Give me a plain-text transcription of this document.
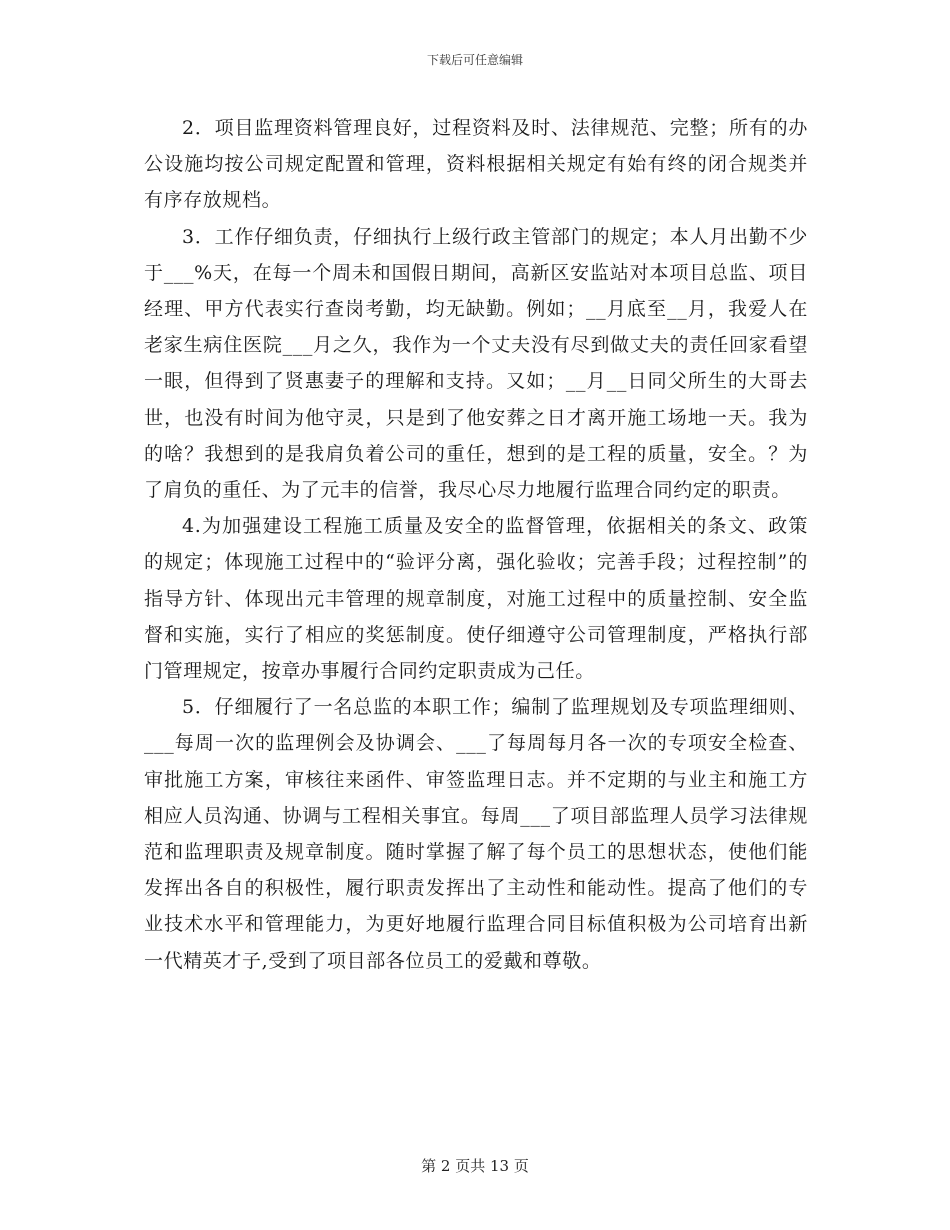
下载后可任意编辑

2．项目监理资料管理良好，过程资料及时、法律规范、完整；所有的办公设施均按公司规定配置和管理，资料根据相关规定有始有终的闭合规类并有序存放规档。

3．工作仔细负责，仔细执行上级行政主管部门的规定；本人月出勤不少于___%天，在每一个周未和国假日期间，高新区安监站对本项目总监、项目经理、甲方代表实行查岗考勤，均无缺勤。例如；__月底至__月，我爱人在老家生病住医院___月之久，我作为一个丈夫没有尽到做丈夫的责任回家看望一眼，但得到了贤惠妻子的理解和支持。又如；__月__日同父所生的大哥去世，也没有时间为他守灵，只是到了他安葬之日才离开施工场地一天。我为的啥？我想到的是我肩负着公司的重任，想到的是工程的质量，安全。？为了肩负的重任、为了元丰的信誉，我尽心尽力地履行监理合同约定的职责。

4.为加强建设工程施工质量及安全的监督管理，依据相关的条文、政策的规定；体现施工过程中的“验评分离，强化验收；完善手段；过程控制”的指导方针、体现出元丰管理的规章制度，对施工过程中的质量控制、安全监督和实施，实行了相应的奖惩制度。使仔细遵守公司管理制度，严格执行部门管理规定，按章办事履行合同约定职责成为己任。

5．仔细履行了一名总监的本职工作；编制了监理规划及专项监理细则、___每周一次的监理例会及协调会、___了每周每月各一次的专项安全检查、审批施工方案，审核往来函件、审签监理日志。并不定期的与业主和施工方相应人员沟通、协调与工程相关事宜。每周___了项目部监理人员学习法律规范和监理职责及规章制度。随时掌握了解了每个员工的思想状态，使他们能发挥出各自的积极性，履行职责发挥出了主动性和能动性。提高了他们的专业技术水平和管理能力，为更好地履行监理合同目标值积极为公司培育出新一代精英才子,受到了项目部各位员工的爱戴和尊敬。

第 2 页共 13 页
